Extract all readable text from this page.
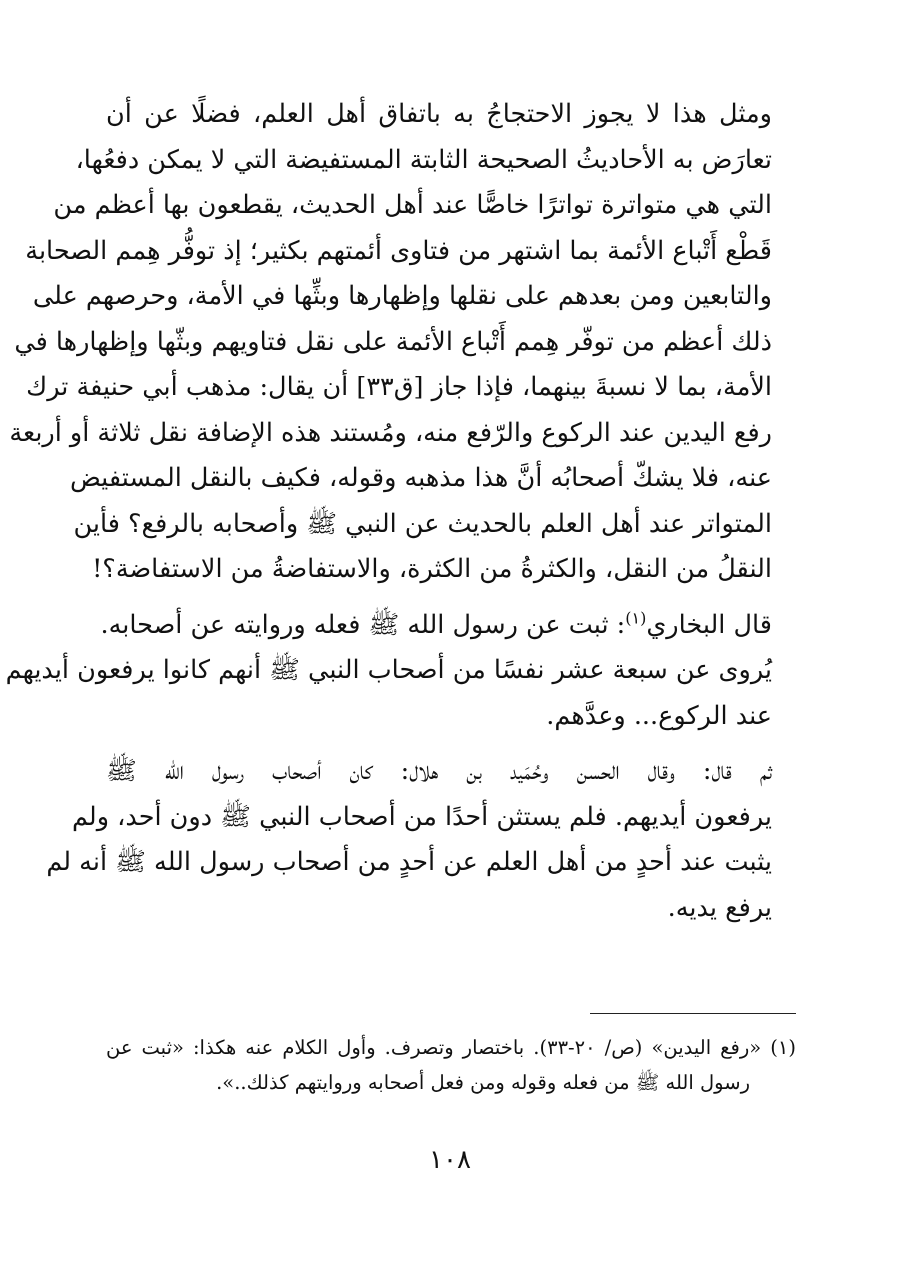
ومثل هذا لا يجوز الاحتجاجُ به باتفاق أهل العلم، فضلًا عن أن
تعارَض به الأحاديثُ الصحيحة الثابتة المستفيضة التي لا يمكن دفعُها،
التي هي متواترة تواترًا خاصًّا عند أهل الحديث، يقطعون بها أعظم من
قَطْع أَتْباع الأئمة بما اشتهر من فتاوى أئمتهم بكثير؛ إذ توفُّر هِمم الصحابة
والتابعين ومن بعدهم على نقلها وإظهارها وبثِّها في الأمة، وحرصهم على
ذلك أعظم من توفّر هِمم أَتْباع الأئمة على نقل فتاويهم وبثّها وإظهارها في
الأمة، بما لا نسبةَ بينهما، فإذا جاز [ق٣٣] أن يقال: مذهب أبي حنيفة ترك
رفع اليدين عند الركوع والرّفع منه، ومُستند هذه الإضافة نقل ثلاثة أو أربعة
عنه، فلا يشكّ أصحابُه أنَّ هذا مذهبه وقوله، فكيف بالنقل المستفيض
المتواتر عند أهل العلم بالحديث عن النبي ﷺ وأصحابه بالرفع؟ فأين
النقلُ من النقل، والكثرةُ من الكثرة، والاستفاضةُ من الاستفاضة؟!

قال البخاري$^{(١)}$: ثبت عن رسول الله ﷺ فعله وروايته عن أصحابه.
يُروى عن سبعة عشر نفسًا من أصحاب النبي ﷺ أنهم كانوا يرفعون أيديهم
عند الركوع... وعدَّهم.

ثم قال: وقال الحسن وحُمَيد بن هلال: كان أصحاب رسول الله ﷺ
يرفعون أيديهم. فلم يستثن أحدًا من أصحاب النبي ﷺ دون أحد، ولم
يثبت عند أحدٍ من أهل العلم عن أحدٍ من أصحاب رسول الله ﷺ أنه لم
يرفع يديه.

(١) «رفع اليدين» (ص/ ٢٠-٣٣). باختصار وتصرف. وأول الكلام عنه هكذا: «ثبت عن
رسول الله ﷺ من فعله وقوله ومن فعل أصحابه وروايتهم كذلك..».
١٠٨
